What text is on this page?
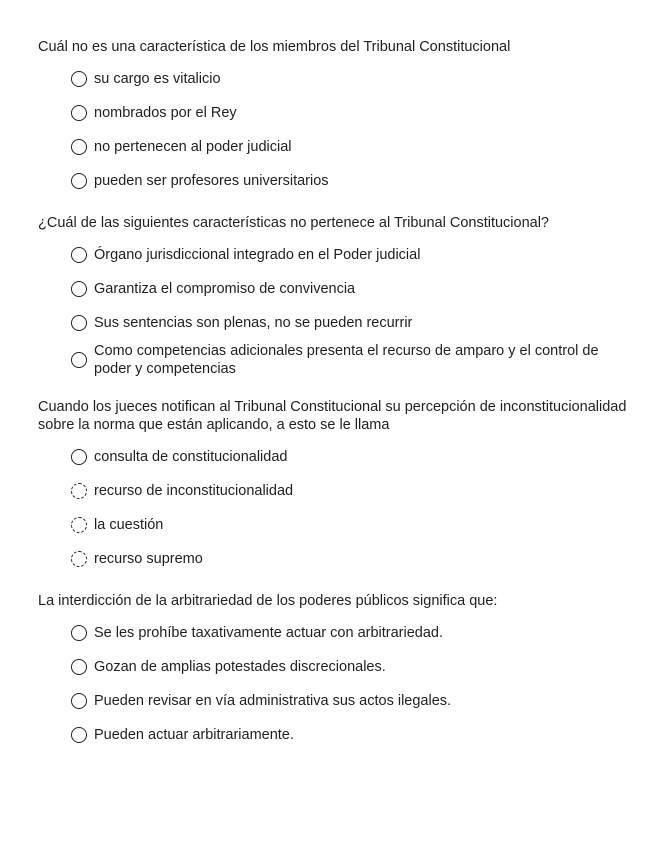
Cuál no es una característica de los miembros del Tribunal Constitucional

su cargo es vitalicio
nombrados por el Rey
no pertenecen al poder judicial
pueden ser profesores universitarios

¿Cuál de las siguientes características no pertenece al Tribunal Constitucional?

Órgano jurisdiccional integrado en el Poder judicial
Garantiza el compromiso de convivencia
Sus sentencias son plenas, no se pueden recurrir
Como competencias adicionales presenta el recurso de amparo y el control de poder y competencias

Cuando los jueces notifican al Tribunal Constitucional su percepción de inconstitucionalidad sobre la norma que están aplicando, a esto se le llama

consulta de constitucionalidad
recurso de inconstitucionalidad
la cuestión
recurso supremo

La interdicción de la arbitrariedad de los poderes públicos significa que:

Se les prohíbe taxativamente actuar con arbitrariedad.
Gozan de amplias potestades discrecionales.
Pueden revisar en vía administrativa sus actos ilegales.
Pueden actuar arbitrariamente.
